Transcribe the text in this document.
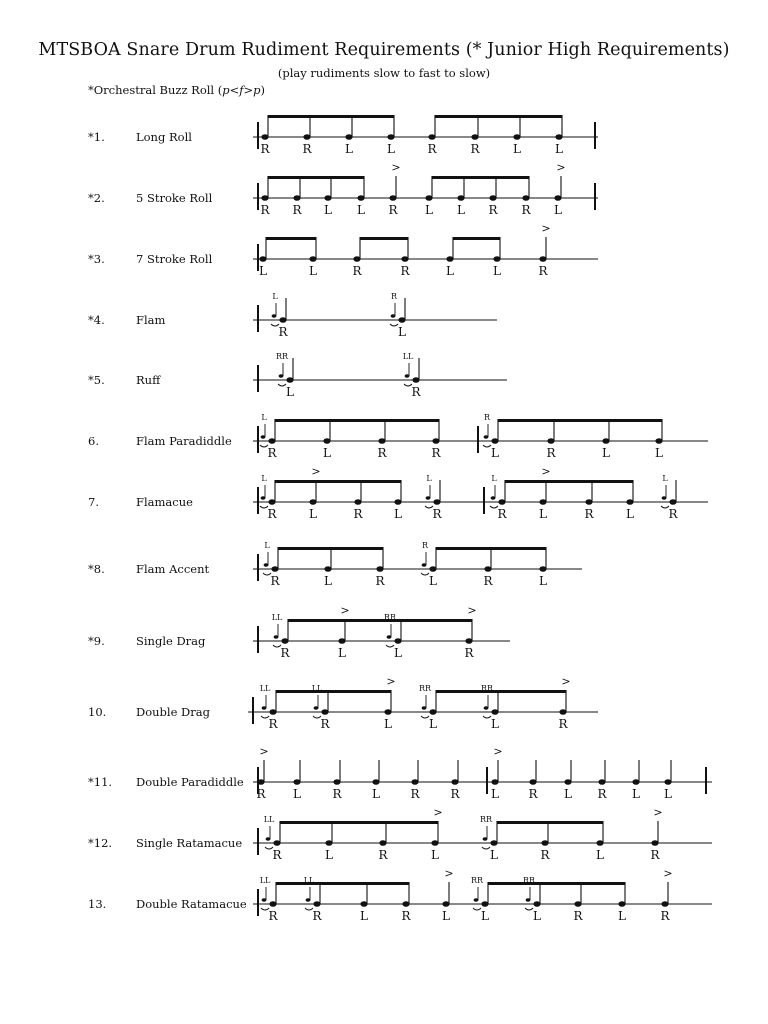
MTSBOA Snare Drum Rudiment Requirements (* Junior High Requirements)
(play rudiments slow to fast to slow)
*Orchestral Buzz Roll (p<f>p)
*1.	Long Roll
*2.	5 Stroke Roll
*3.	7 Stroke Roll
*4.	Flam
*5.	Ruff
6.	Flam Paradiddle
7.	Flamacue
*8.	Flam Accent
*9.	Single Drag
10.	Double Drag
*11. Double Paradiddle
*12. Single Ratamacue
13.	Double Ratamacue
R	R	L	L	R	R	L	L
R R L L R L L R R L
>	>
L	L	R	R	L	L	R
>
R	L
L	R
L	R
RR	LL
R	L	R	R	L	R	L	L
L	R
R	L	R	L	R	R	L	R	L	R
>	>
L	L	L	L
R	L	R	L	R	L
L	R
R	L	L	R
>	>
LL	RR
R	R	L	L	L	R
>	>
LL	LL	RR	RR
R L	R	L	R	R	L R L R L L
>	>
R	L	R	L	L	R	L	R
>	>
LL	RR
R	R	L	R	L	L	L	R	L	R
>	>
LL	LL	RR	RR
